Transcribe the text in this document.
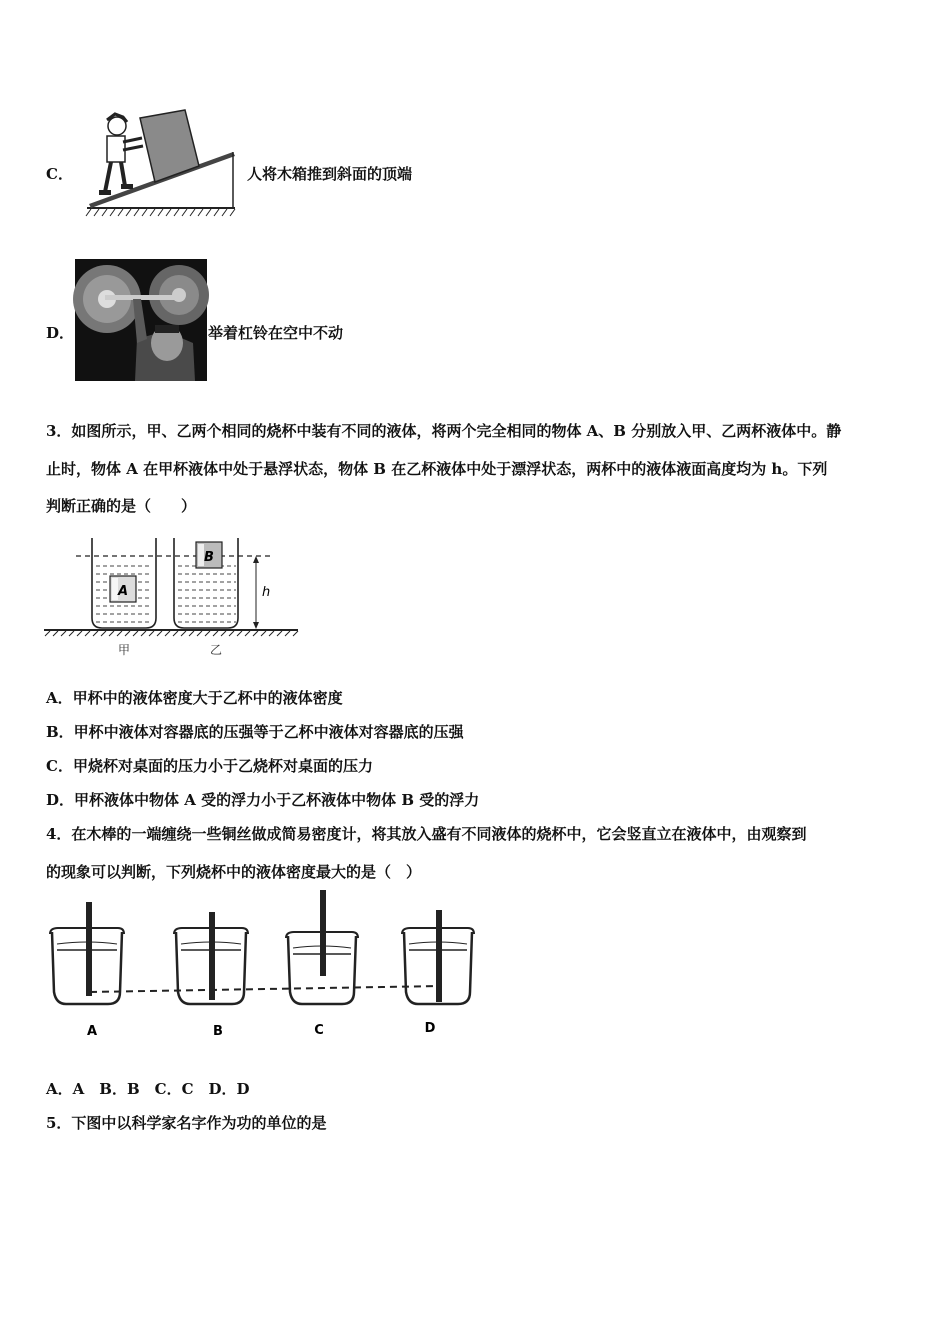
C．	人将木箱推到斜面的顶端
D．	举着杠铃在空中不动
3．如图所示，甲、乙两个相同的烧杯中装有不同的液体，将两个完全相同的物体 A、B 分别放入甲、乙两杯液体中。静
止时，物体 A 在甲杯液体中处于悬浮状态，物体 B 在乙杯液体中处于漂浮状态，两杯中的液体液面高度均为 h。下列
判断正确的是（　　）
A
B
h
甲	乙
A．甲杯中的液体密度大于乙杯中的液体密度
B．甲杯中液体对容器底的压强等于乙杯中液体对容器底的压强
C．甲烧杯对桌面的压力小于乙烧杯对桌面的压力
D．甲杯液体中物体 A 受的浮力小于乙杯液体中物体 B 受的浮力
4．在木棒的一端缠绕一些铜丝做成简易密度计，将其放入盛有不同液体的烧杯中，它会竖直立在液体中，由观察到
的现象可以判断，下列烧杯中的液体密度最大的是（　）
A	B	C	D
A．A　B．B　C．C　D．D
5．下图中以科学家名字作为功的单位的是
